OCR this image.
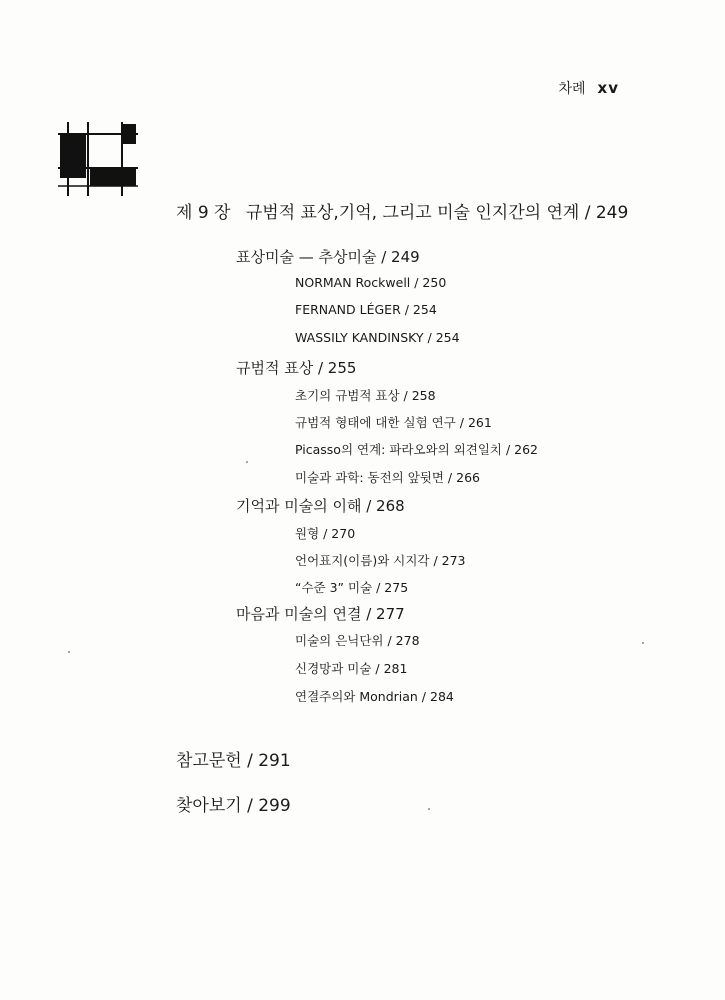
차례 xv
제 9 장 규범적 표상,기억, 그리고 미술 인지간의 연계 / 249
표상미술 — 추상미술 / 249
NORMAN Rockwell / 250
FERNAND LÉGER / 254
WASSILY KANDINSKY / 254
규범적 표상 / 255
초기의 규범적 표상 / 258
규범적 형태에 대한 실험 연구 / 261
Picasso의 연계: 파라오와의 외견일치 / 262
미술과 과학: 동전의 앞뒷면 / 266
기억과 미술의 이해 / 268
원형 / 270
언어표지(이름)와 시지각 / 273
“수준 3” 미술 / 275
마음과 미술의 연결 / 277
미술의 은닉단위 / 278
신경망과 미술 / 281
연결주의와 Mondrian / 284
참고문헌 / 291
찾아보기 / 299
